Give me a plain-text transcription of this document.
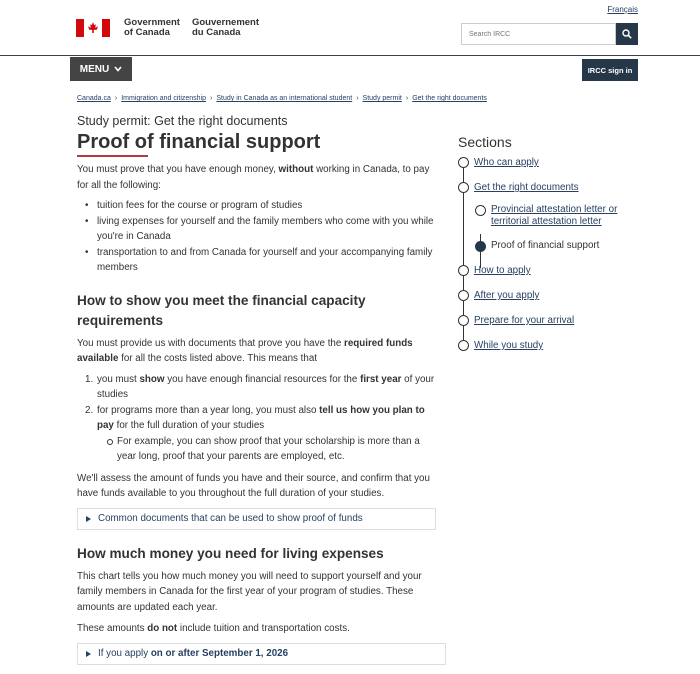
Français
Government
of Canada
Gouvernement
du Canada
Search IRCC
MENU	IRCC sign in
Canada.ca › Immigration and citizenship › Study in Canada as an international student › Study permit › Get the right documents
Study permit: Get the right documents
Proof of financial support

You must prove that you have enough money, without working in Canada, to pay for all the following:

• tuition fees for the course or program of studies
• living expenses for yourself and the family members who come with you while you're in Canada
• transportation to and from Canada for yourself and your accompanying family members
How to show you meet the financial capacity requirements

You must provide us with documents that prove you have the required funds available for all the costs listed above. This means that

1. you must show you have enough financial resources for the first year of your studies
2. for programs more than a year long, you must also tell us how you plan to pay for the full duration of your studies
For example, you can show proof that your scholarship is more than a year long, proof that your parents are employed, etc.

We'll assess the amount of funds you have and their source, and confirm that you have funds available to you throughout the full duration of your studies.

Common documents that can be used to show proof of funds
How much money you need for living expenses

This chart tells you how much money you will need to support yourself and your family members in Canada for the first year of your program of studies. These amounts are updated each year.

These amounts do not include tuition and transportation costs.

If you apply on or after September 1, 2026
Sections
Who can apply
Get the right documents
Provincial attestation letter or territorial attestation letter
Proof of financial support
How to apply
After you apply
Prepare for your arrival
While you study
